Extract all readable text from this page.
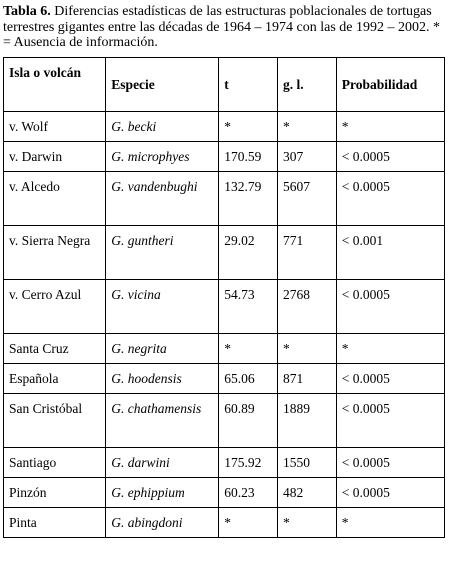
Tabla 6. Diferencias estadísticas de las estructuras poblacionales de tortugas terrestres gigantes entre las décadas de 1964 – 1974 con las de 1992 – 2002. * = Ausencia de información.
Isla o volcán	Especie	t	g. l.	Probabilidad
v. Wolf	G. becki	*	*	*
v. Darwin	G. microphyes	170.59	307	< 0.0005
v. Alcedo	G. vandenbughi	132.79	5607	< 0.0005
v. Sierra Negra	G. guntheri	29.02	771	< 0.001
v. Cerro Azul	G. vicina	54.73	2768	< 0.0005
Santa Cruz	G. negrita	*	*	*
Española	G. hoodensis	65.06	871	< 0.0005
San Cristóbal	G. chathamensis	60.89	1889	< 0.0005
Santiago	G. darwini	175.92	1550	< 0.0005
Pinzón	G. ephippium	60.23	482	< 0.0005
Pinta	G. abingdoni	*	*	*
